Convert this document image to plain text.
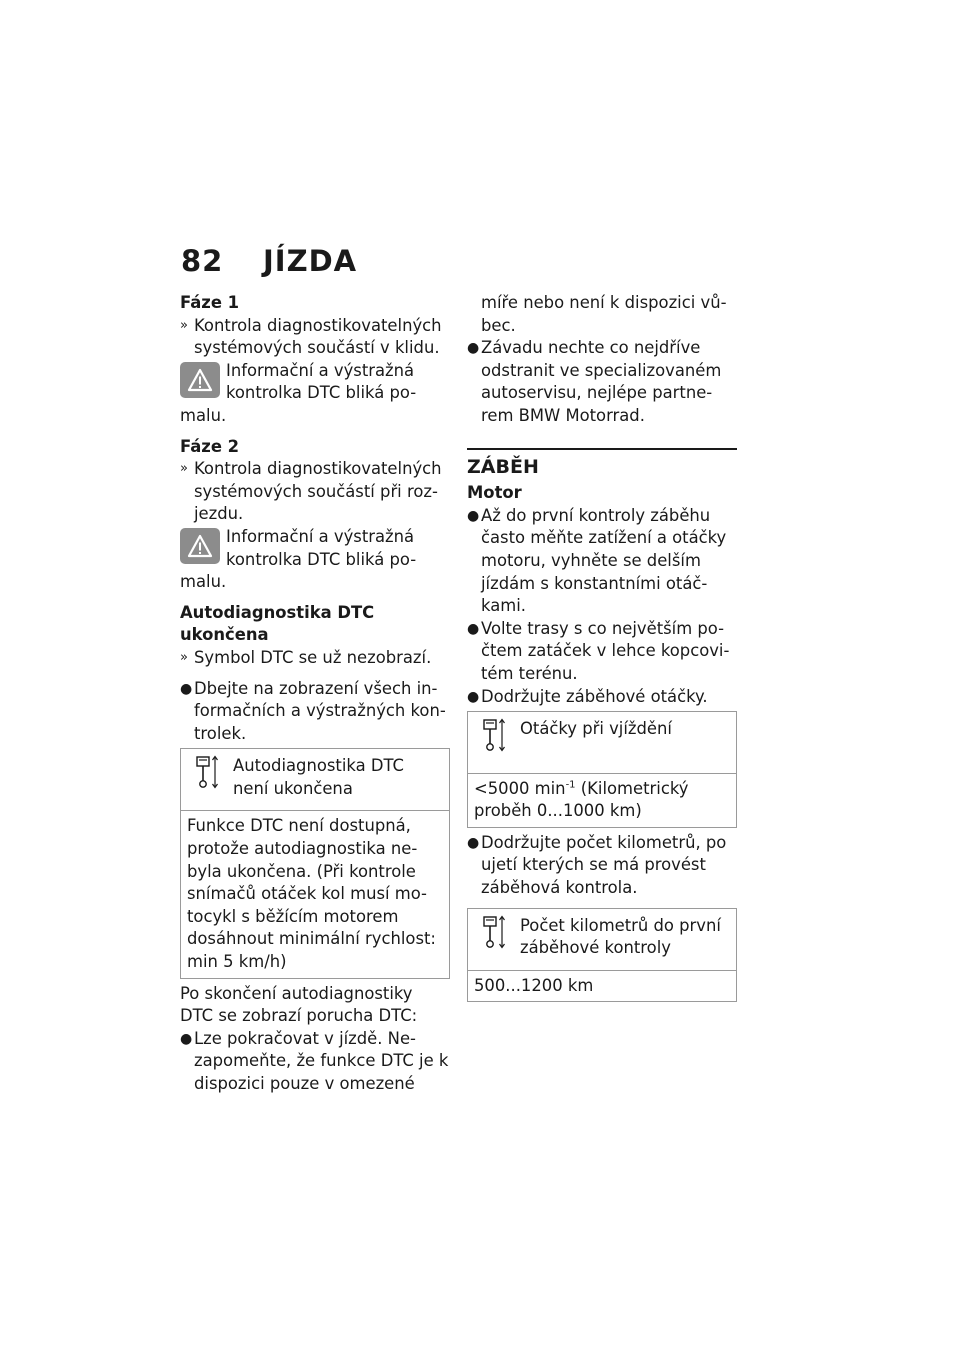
82	JÍZDA

Fáze 1

» Kontrola diagnostikovatelných systémových součástí v klidu.

Informační a výstražná kontrolka DTC bliká po-

malu.

Fáze 2

» Kontrola diagnostikovatelných systémových součástí při roz-jezdu.

Informační a výstražná kontrolka DTC bliká po-

malu.

Autodiagnostika DTC ukončena

» Symbol DTC se už nezobrazí.

● Dbejte na zobrazení všech in-formačních a výstražných kon-trolek.

Autodiagnostika DTC není ukončena
Funkce DTC není dostupná, protože autodiagnostika ne-byla ukončena. (Při kontrole snímačů otáček kol musí mo-tocykl s běžícím motorem dosáhnout minimální rychlost: min 5 km/h)

Po skončení autodiagnostiky DTC se zobrazí porucha DTC:

● Lze pokračovat v jízdě. Ne-zapomeňte, že funkce DTC je k dispozici pouze v omezené

míře nebo není k dispozici vů-bec.

● Závadu nechte co nejdříve odstranit ve specializovaném autoservisu, nejlépe partne-rem BMW Motorrad.

ZÁBĚH

Motor

● Až do první kontroly záběhu často měňte zatížení a otáčky motoru, vyhněte se delším jízdám s konstantními otáč-kami.

● Volte trasy s co největším po-čtem zatáček v lehce kopcovi-tém terénu.

● Dodržujte záběhové otáčky.

Otáčky při vjíždění
<5000 $\min^{-1}$ (Kilometrický proběh 0...1000 km)

● Dodržujte počet kilometrů, po ujetí kterých se má provést záběhová kontrola.

Počet kilometrů do první záběhové kontroly
500...1200 km
